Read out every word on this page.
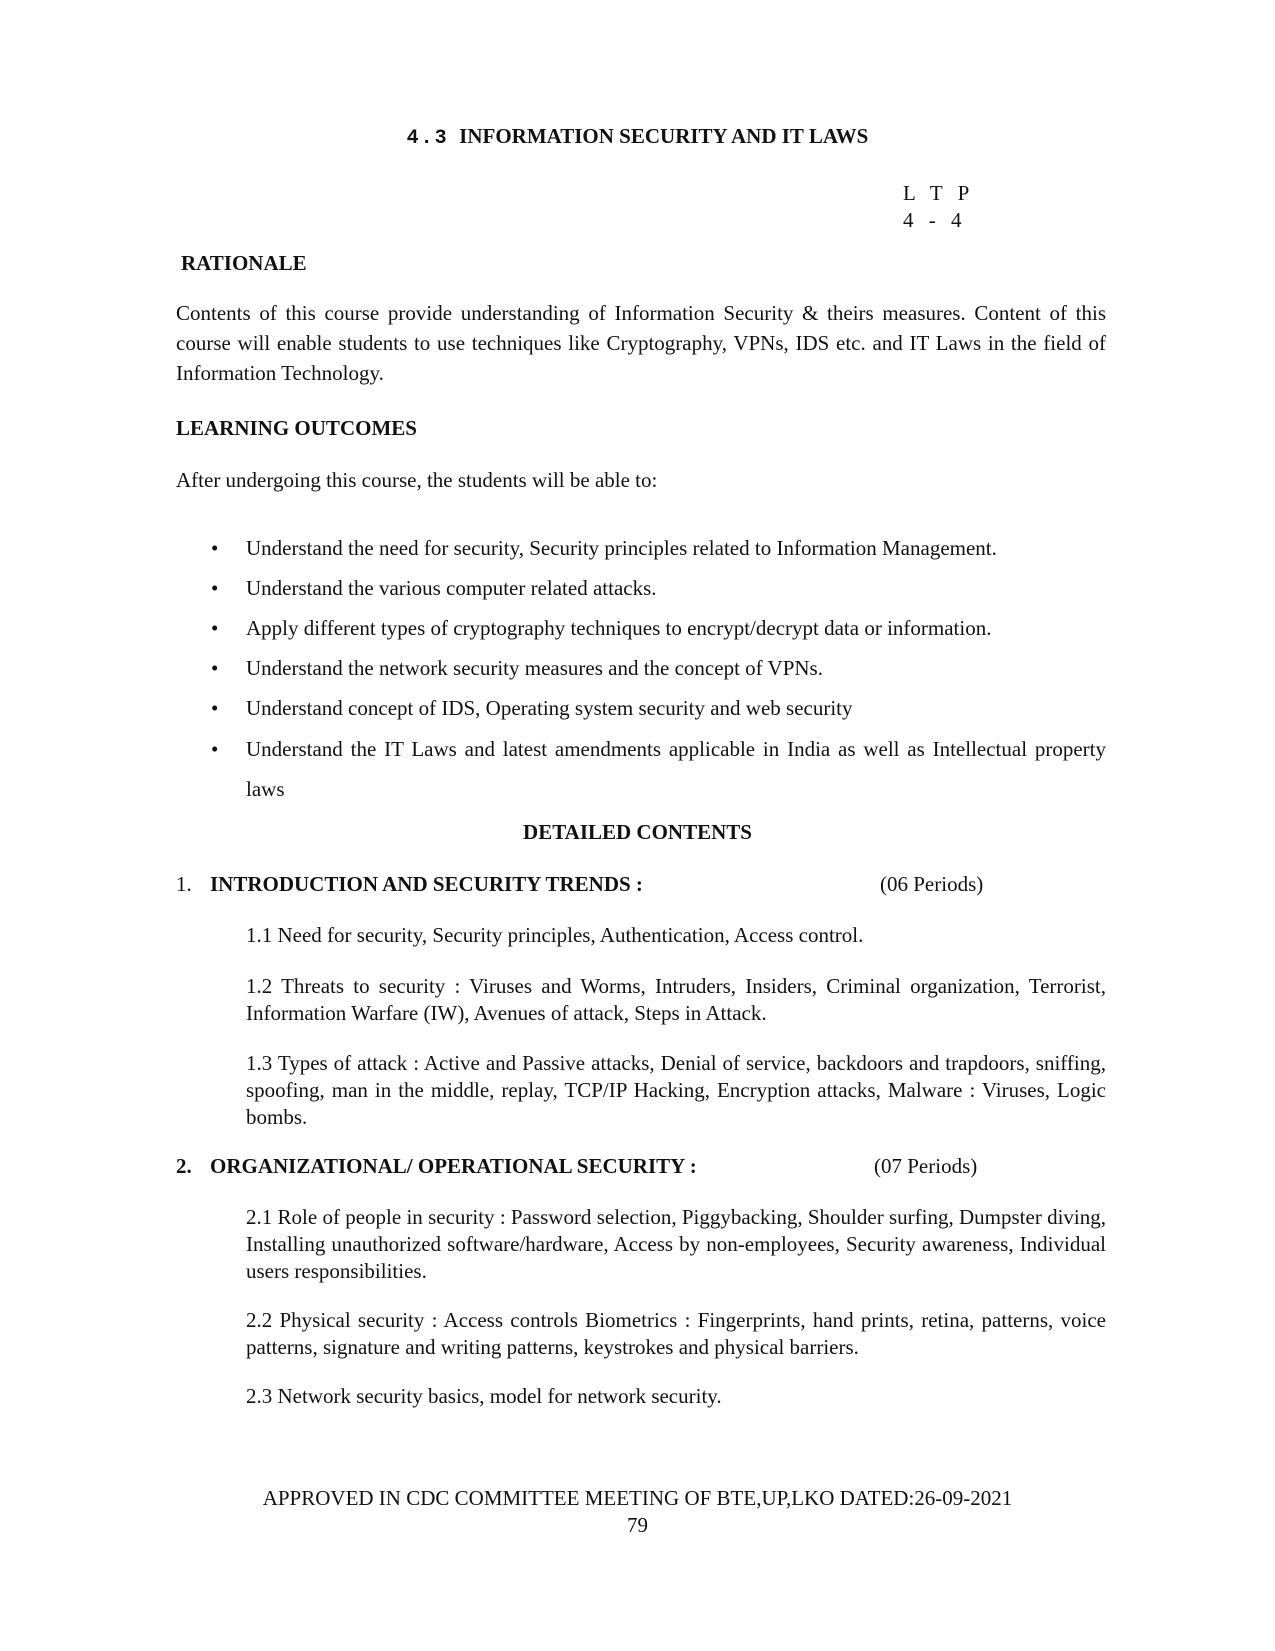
4.3 INFORMATION SECURITY AND IT LAWS
L T P
4 - 4
RATIONALE
Contents of this course provide understanding of Information Security & theirs measures. Content of this course will enable students to use techniques like Cryptography, VPNs, IDS etc. and IT Laws in the field of Information Technology.
LEARNING OUTCOMES
After undergoing this course, the students will be able to:
• Understand the need for security, Security principles related to Information Management.
• Understand the various computer related attacks.
• Apply different types of cryptography techniques to encrypt/decrypt data or information.
• Understand the network security measures and the concept of VPNs.
• Understand concept of IDS, Operating system security and web security
• Understand the IT Laws and latest amendments applicable in India as well as Intellectual property laws
DETAILED CONTENTS
1. INTRODUCTION AND SECURITY TRENDS :	(06 Periods)
1.1 Need for security, Security principles, Authentication, Access control.
1.2 Threats to security : Viruses and Worms, Intruders, Insiders, Criminal organization, Terrorist, Information Warfare (IW), Avenues of attack, Steps in Attack.
1.3 Types of attack : Active and Passive attacks, Denial of service, backdoors and trapdoors, sniffing, spoofing, man in the middle, replay, TCP/IP Hacking, Encryption attacks, Malware : Viruses, Logic bombs.
2. ORGANIZATIONAL/ OPERATIONAL SECURITY :	(07 Periods)
2.1 Role of people in security : Password selection, Piggybacking, Shoulder surfing, Dumpster diving, Installing unauthorized software/hardware, Access by non-employees, Security awareness, Individual users responsibilities.
2.2 Physical security : Access controls Biometrics : Fingerprints, hand prints, retina, patterns, voice patterns, signature and writing patterns, keystrokes and physical barriers.
2.3 Network security basics, model for network security.
APPROVED IN CDC COMMITTEE MEETING OF BTE,UP,LKO DATED:26-09-2021
79
